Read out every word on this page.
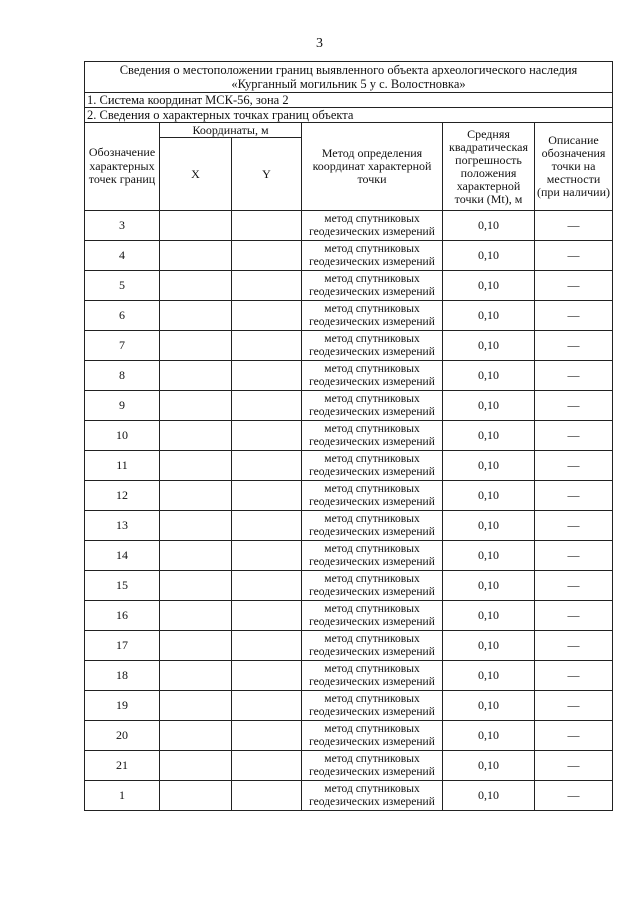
3
Сведения о местоположении границ выявленного объекта археологического наследия
«Курганный могильник 5 у с. Волостновка»					

1. Система координат МСК-56, зона 2					
2. Сведения о характерных точках границ объекта					
Обозначение характерных точек границ	Координаты, м		Метод определения координат характерной точки	Средняя квадратическая погрешность положения характерной точки (Mt), м	Описание обозначения точки на местности (при наличии)
	X	Y			
3			метод спутниковых геодезических измерений	0,10	—
4			метод спутниковых геодезических измерений	0,10	—
5			метод спутниковых геодезических измерений	0,10	—
6			метод спутниковых геодезических измерений	0,10	—
7			метод спутниковых геодезических измерений	0,10	—
8			метод спутниковых геодезических измерений	0,10	—
9			метод спутниковых геодезических измерений	0,10	—
10			метод спутниковых геодезических измерений	0,10	—
11			метод спутниковых геодезических измерений	0,10	—
12			метод спутниковых геодезических измерений	0,10	—
13			метод спутниковых геодезических измерений	0,10	—
14			метод спутниковых геодезических измерений	0,10	—
15			метод спутниковых геодезических измерений	0,10	—
16			метод спутниковых геодезических измерений	0,10	—
17			метод спутниковых геодезических измерений	0,10	—
18			метод спутниковых геодезических измерений	0,10	—
19			метод спутниковых геодезических измерений	0,10	—
20			метод спутниковых геодезических измерений	0,10	—
21			метод спутниковых геодезических измерений	0,10	—
1			метод спутниковых геодезических измерений	0,10	—
